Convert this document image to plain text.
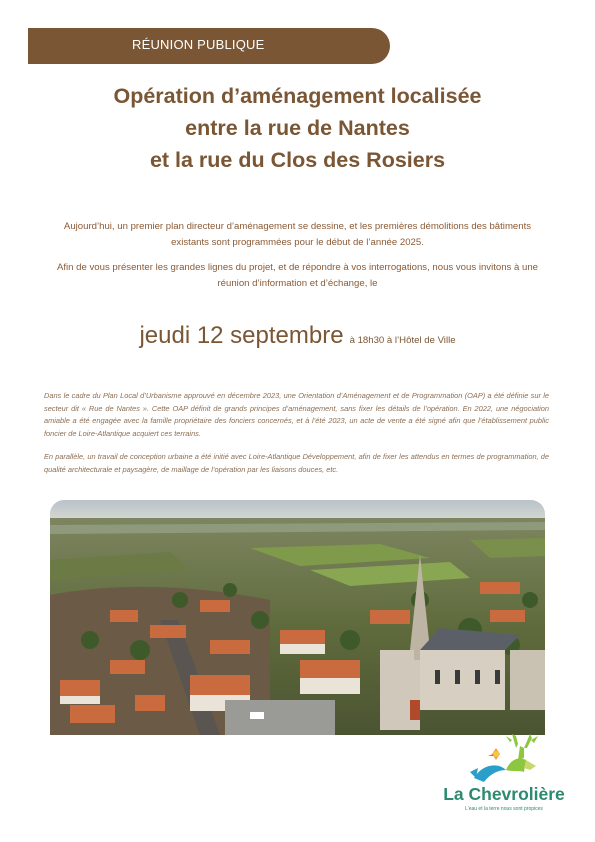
RÉUNION PUBLIQUE
Opération d’aménagement localisée
entre la rue de Nantes
et la rue du Clos des Rosiers

Aujourd’hui, un premier plan directeur d’aménagement se dessine, et les premières démolitions des bâtiments existants sont programmées pour le début de l’année 2025.

Afin de vous présenter les grandes lignes du projet, et de répondre à vos interrogations, nous vous invitons à une réunion d’information et d’échange, le

jeudi 12 septembre à 18h30 à l’Hôtel de Ville

Dans le cadre du Plan Local d’Urbanisme approuvé en décembre 2023, une Orientation d’Aménagement et de Programmation (OAP) a été définie sur le secteur dit « Rue de Nantes ». Cette OAP définit de grands principes d’aménagement, sans fixer les détails de l’opération. En 2022, une négociation amiable a été engagée avec la famille propriétaire des fonciers concernés, et à l’été 2023, un acte de vente a été signé afin que l’établissement public foncier de Loire-Atlantique acquiert ces terrains.

En parallèle, un travail de conception urbaine a été initié avec Loire-Atlantique Développement, afin de fixer les attendus en termes de programmation, de qualité architecturale et paysagère, de maillage de l’opération par les liaisons douces, etc.

La Chevrolière
L’eau et la terre nous sont propices
